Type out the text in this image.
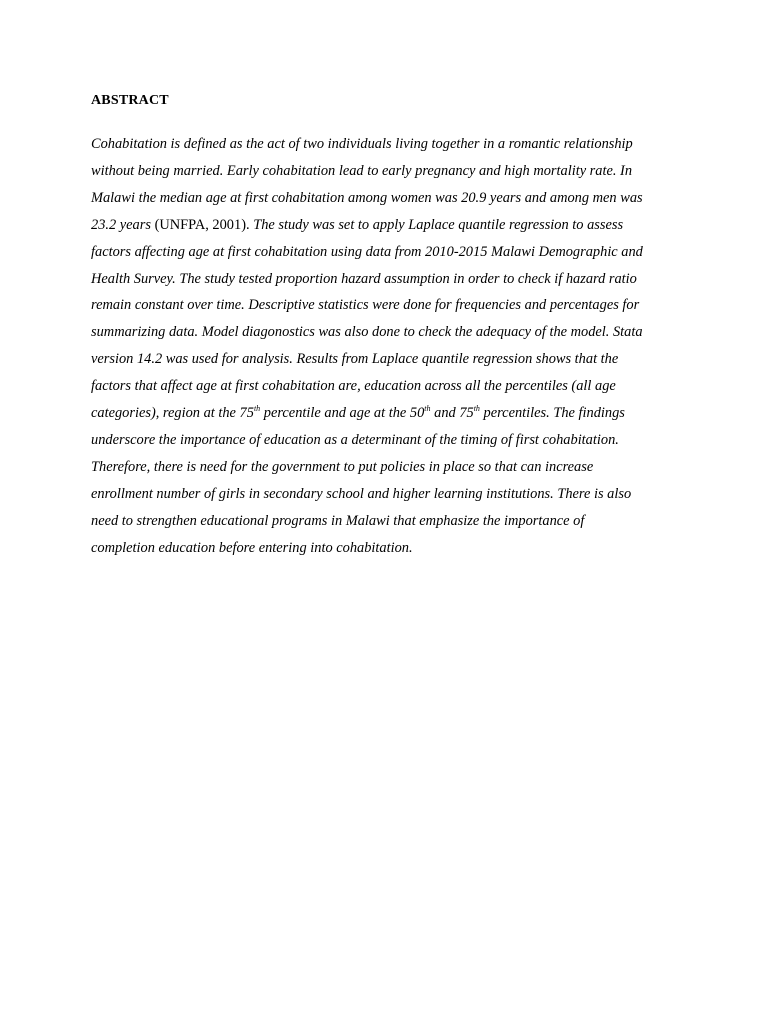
ABSTRACT

Cohabitation is defined as the act of two individuals living together in a romantic relationship
without being married. Early cohabitation lead to early pregnancy and high mortality rate. In
Malawi the median age at first cohabitation among women was 20.9 years and among men was
23.2 years (UNFPA, 2001). The study was set to apply Laplace quantile regression to assess
factors affecting age at first cohabitation using data from 2010-2015 Malawi Demographic and
Health Survey. The study tested proportion hazard assumption in order to check if hazard ratio
remain constant over time. Descriptive statistics were done for frequencies and percentages for
summarizing data. Model diagonostics was also done to check the adequacy of the model. Stata
version 14.2 was used for analysis. Results from Laplace quantile regression shows that the
factors that affect age at first cohabitation are, education across all the percentiles (all age
categories), region at the 75th percentile and age at the 50th and 75th percentiles. The findings
underscore the importance of education as a determinant of the timing of first cohabitation.
Therefore, there is need for the government to put policies in place so that can increase
enrollment number of girls in secondary school and higher learning institutions. There is also
need to strengthen educational programs in Malawi that emphasize the importance of
completion education before entering into cohabitation.
